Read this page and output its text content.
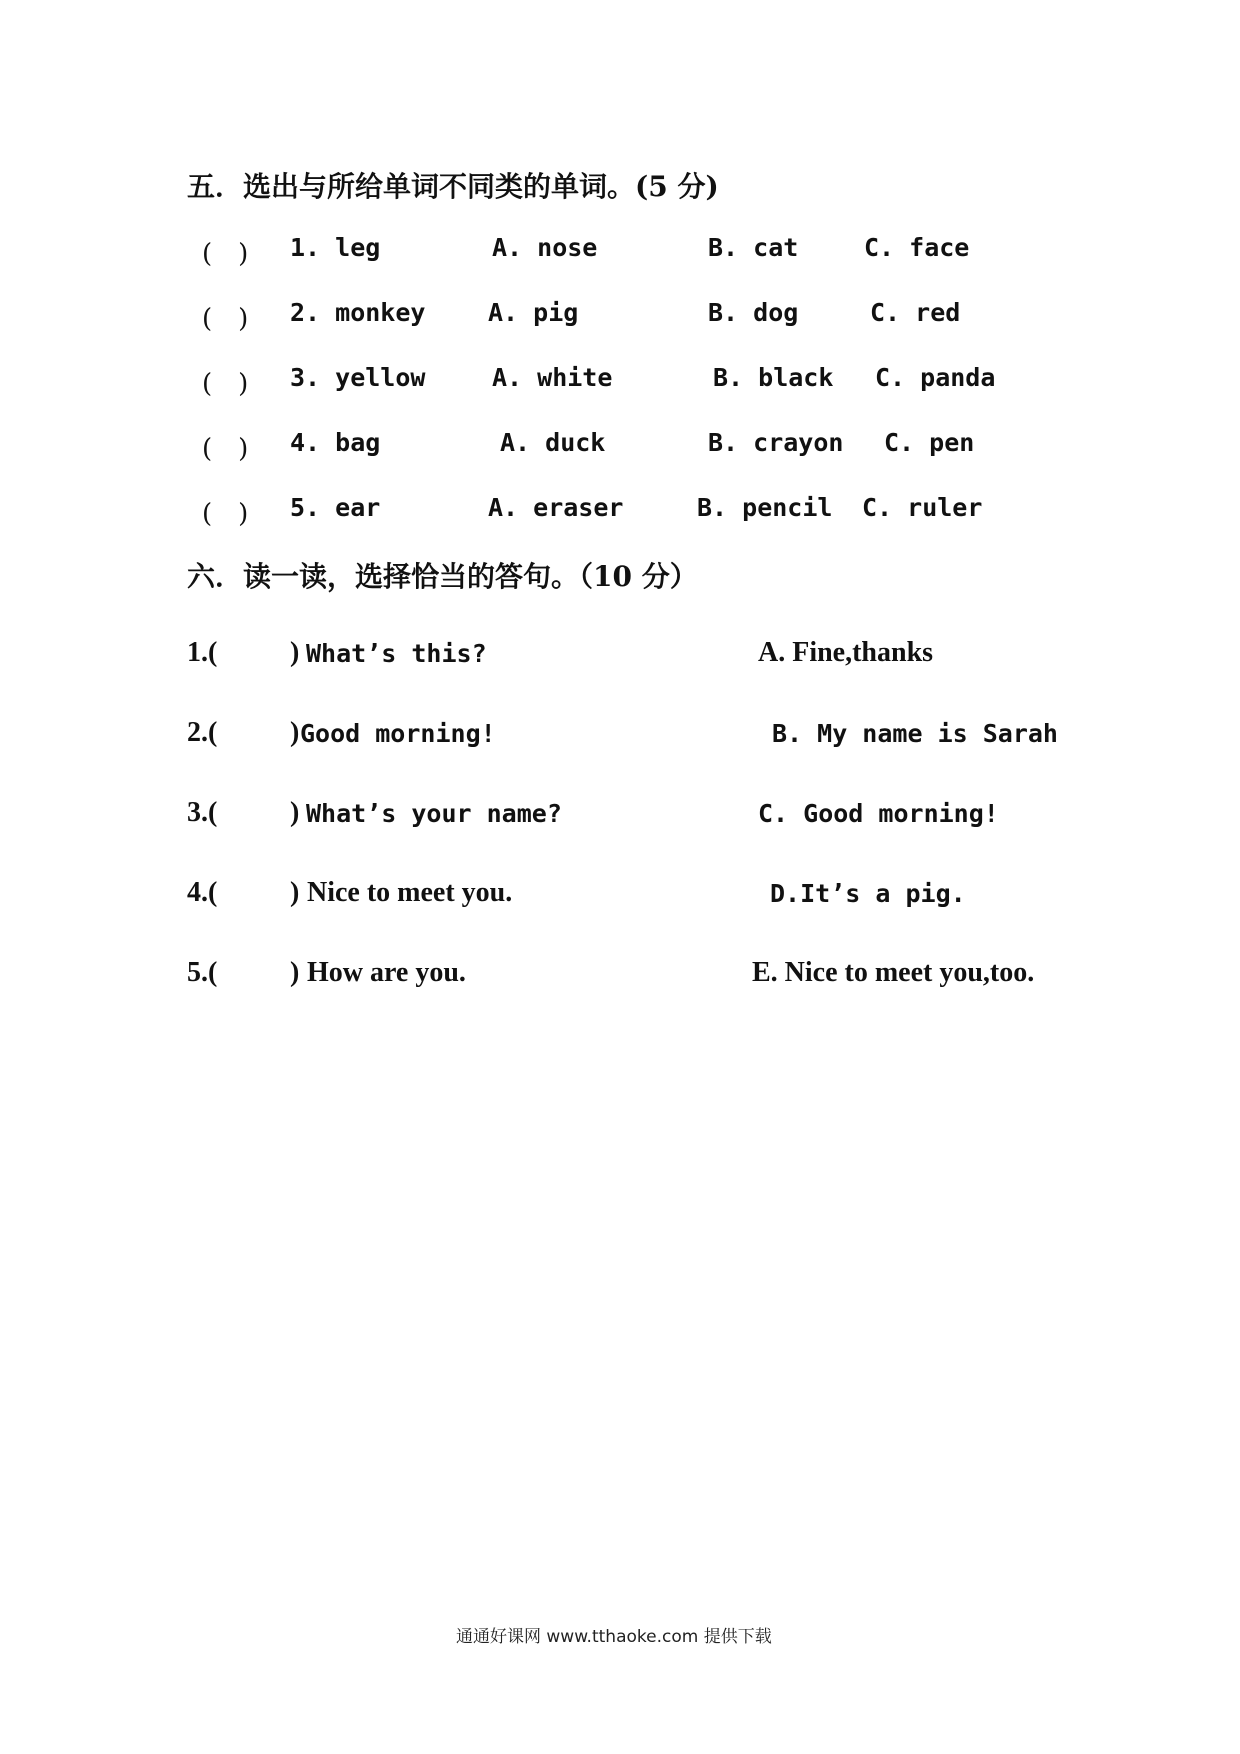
五．选出与所给单词不同类的单词。(5 分)
(　) 1. leg	A. nose	B. cat	C. face
(　) 2. monkey	A. pig	B. dog	C. red
(　) 3. yellow	A. white	B. black C. panda
(　) 4. bag	A. duck	B. crayon C. pen
(　) 5. ear	A. eraser	B. pencil C. ruler
六．读一读，选择恰当的答句。（10 分）
1.(	) What’s this?	A. Fine,thanks
2.(	) Good morning!	B. My name is Sarah
3.(	) What’s your name?	C. Good morning!
4.(	) Nice to meet you.	D.It’s a pig.
5.(	) How are you.	E. Nice to meet you,too.
通通好课网 www.tthaoke.com 提供下载
